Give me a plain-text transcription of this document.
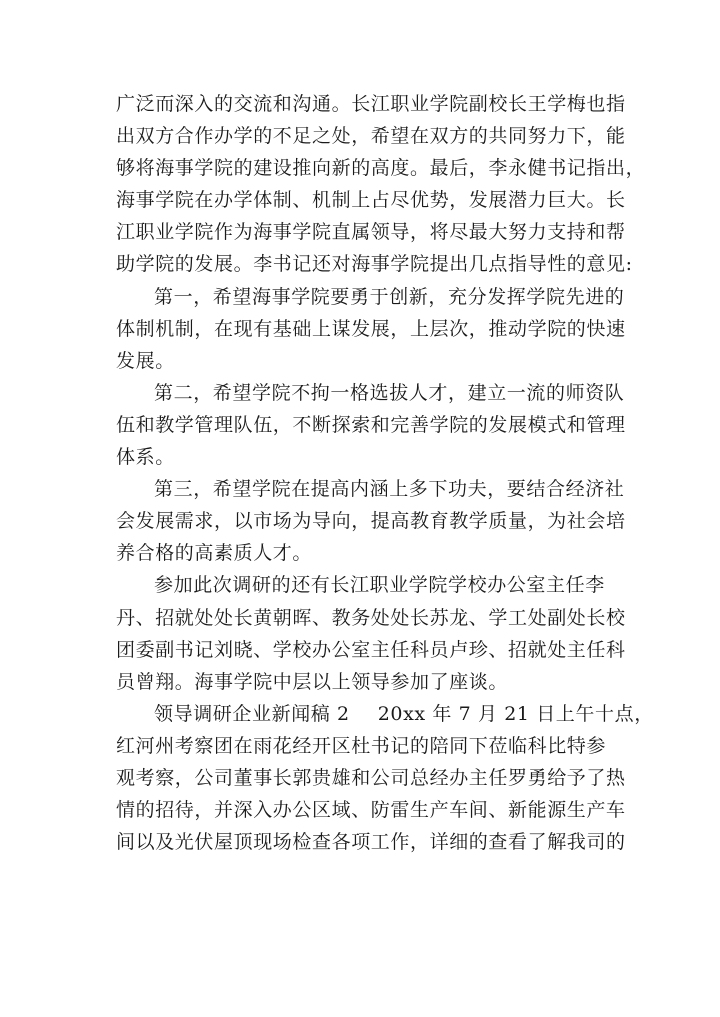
广泛而深入的交流和沟通。长江职业学院副校长王学梅也指
出双方合作办学的不足之处，希望在双方的共同努力下，能
够将海事学院的建设推向新的高度。最后，李永健书记指出，
海事学院在办学体制、机制上占尽优势，发展潜力巨大。长
江职业学院作为海事学院直属领导，将尽最大努力支持和帮
助学院的发展。李书记还对海事学院提出几点指导性的意见:
第一，希望海事学院要勇于创新，充分发挥学院先进的
体制机制，在现有基础上谋发展，上层次，推动学院的快速
发展。
第二，希望学院不拘一格选拔人才，建立一流的师资队
伍和教学管理队伍，不断探索和完善学院的发展模式和管理
体系。
第三，希望学院在提高内涵上多下功夫，要结合经济社
会发展需求，以市场为导向，提高教育教学质量，为社会培
养合格的高素质人才。
参加此次调研的还有长江职业学院学校办公室主任李
丹、招就处处长黄朝晖、教务处处长苏龙、学工处副处长校
团委副书记刘晓、学校办公室主任科员卢珍、招就处主任科
员曾翔。海事学院中层以上领导参加了座谈。
领导调研企业新闻稿 2 20xx 年 7 月 21 日上午十点，
红河州考察团在雨花经开区杜书记的陪同下莅临科比特参
观考察，公司董事长郭贵雄和公司总经办主任罗勇给予了热
情的招待，并深入办公区域、防雷生产车间、新能源生产车
间以及光伏屋顶现场检查各项工作，详细的查看了解我司的
